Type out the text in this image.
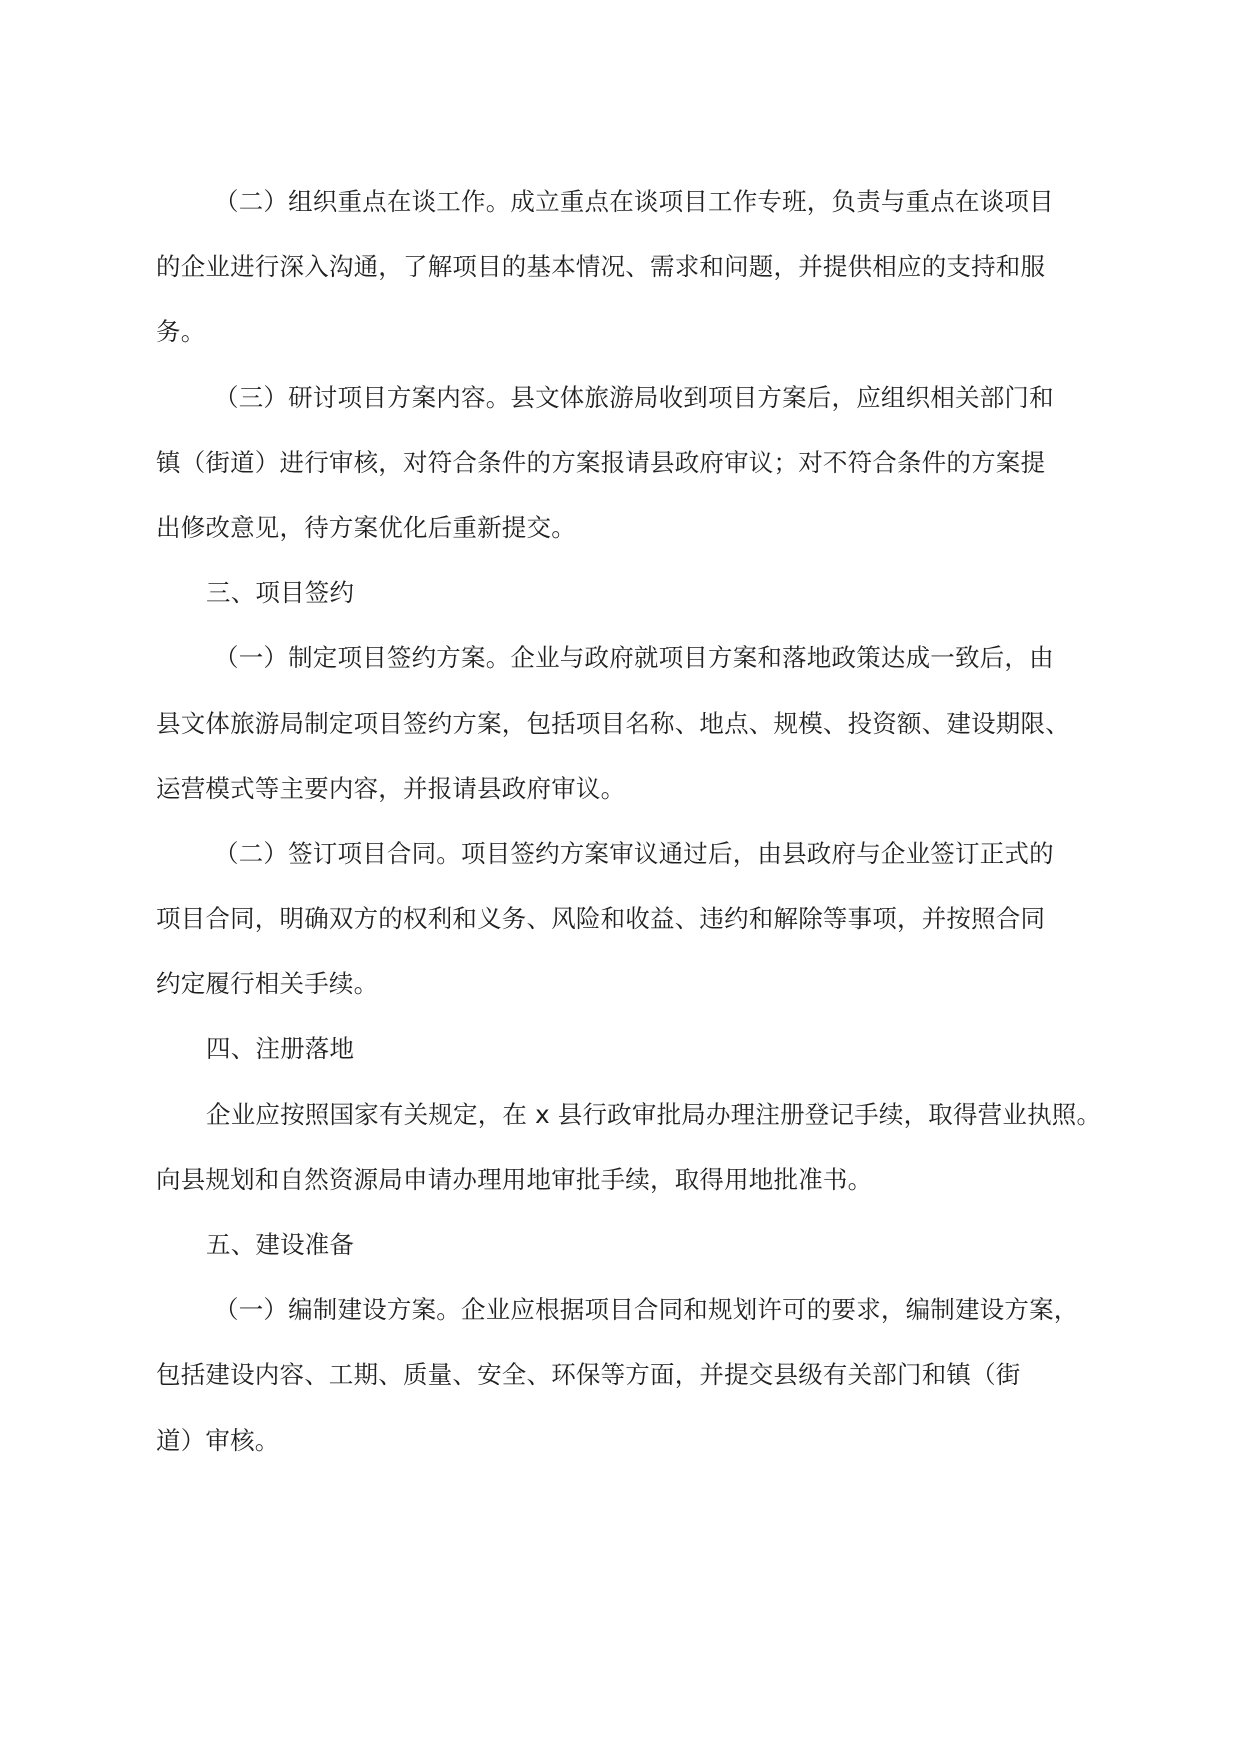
（二）组织重点在谈工作。成立重点在谈项目工作专班，负责与重点在谈项目
的企业进行深入沟通，了解项目的基本情况、需求和问题，并提供相应的支持和服
务。
（三）研讨项目方案内容。县文体旅游局收到项目方案后，应组织相关部门和
镇（街道）进行审核，对符合条件的方案报请县政府审议；对不符合条件的方案提
出修改意见，待方案优化后重新提交。
三、项目签约
（一）制定项目签约方案。企业与政府就项目方案和落地政策达成一致后，由
县文体旅游局制定项目签约方案，包括项目名称、地点、规模、投资额、建设期限、
运营模式等主要内容，并报请县政府审议。
（二）签订项目合同。项目签约方案审议通过后，由县政府与企业签订正式的
项目合同，明确双方的权利和义务、风险和收益、违约和解除等事项，并按照合同
约定履行相关手续。
四、注册落地
企业应按照国家有关规定，在 x 县行政审批局办理注册登记手续，取得营业执照。
向县规划和自然资源局申请办理用地审批手续，取得用地批准书。
五、建设准备
（一）编制建设方案。企业应根据项目合同和规划许可的要求，编制建设方案，
包括建设内容、工期、质量、安全、环保等方面，并提交县级有关部门和镇（街
道）审核。
